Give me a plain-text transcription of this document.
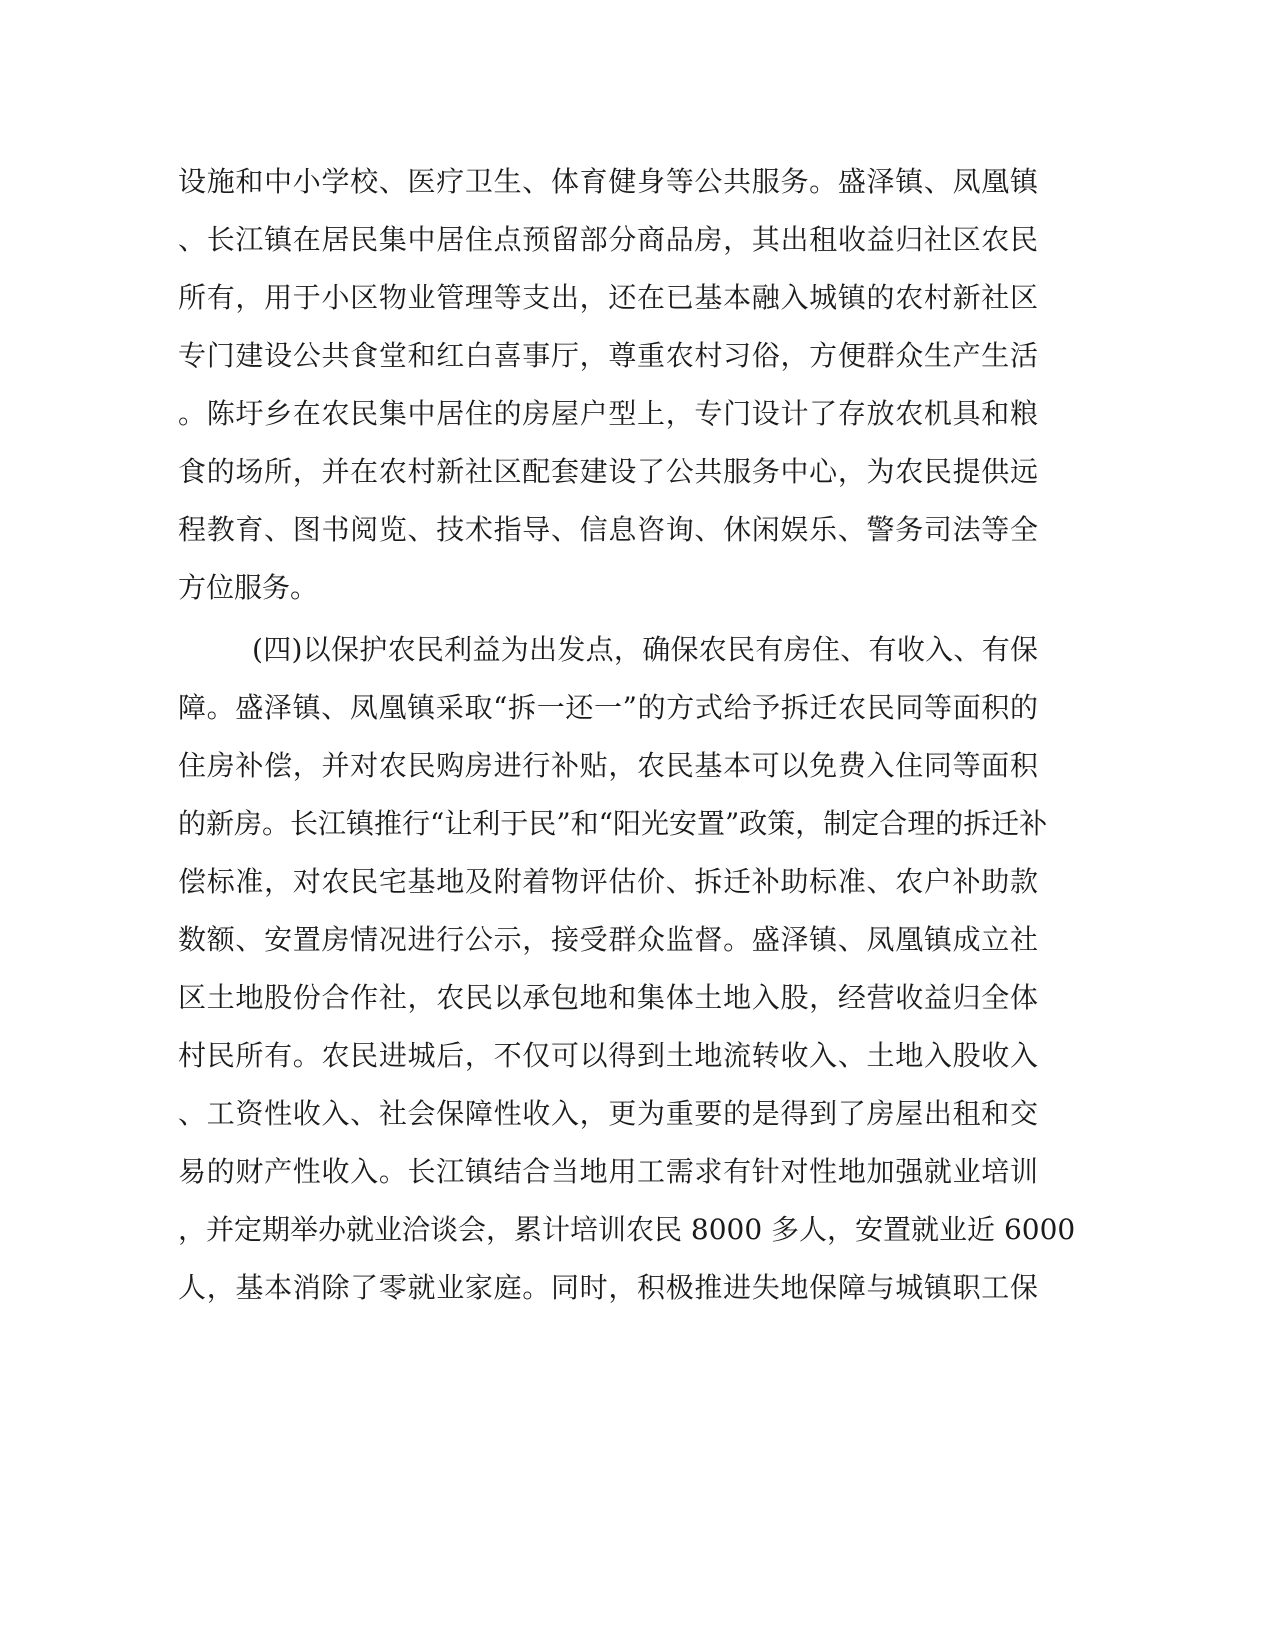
设施和中小学校、医疗卫生、体育健身等公共服务。盛泽镇、凤凰镇
、长江镇在居民集中居住点预留部分商品房，其出租收益归社区农民
所有，用于小区物业管理等支出，还在已基本融入城镇的农村新社区
专门建设公共食堂和红白喜事厅，尊重农村习俗，方便群众生产生活
。陈圩乡在农民集中居住的房屋户型上，专门设计了存放农机具和粮
食的场所，并在农村新社区配套建设了公共服务中心，为农民提供远
程教育、图书阅览、技术指导、信息咨询、休闲娱乐、警务司法等全
方位服务。
(四)以保护农民利益为出发点，确保农民有房住、有收入、有保
障。盛泽镇、凤凰镇采取“拆一还一”的方式给予拆迁农民同等面积的
住房补偿，并对农民购房进行补贴，农民基本可以免费入住同等面积
的新房。长江镇推行“让利于民”和“阳光安置”政策，制定合理的拆迁补
偿标准，对农民宅基地及附着物评估价、拆迁补助标准、农户补助款
数额、安置房情况进行公示，接受群众监督。盛泽镇、凤凰镇成立社
区土地股份合作社，农民以承包地和集体土地入股，经营收益归全体
村民所有。农民进城后，不仅可以得到土地流转收入、土地入股收入
、工资性收入、社会保障性收入，更为重要的是得到了房屋出租和交
易的财产性收入。长江镇结合当地用工需求有针对性地加强就业培训
，并定期举办就业洽谈会，累计培训农民 8000 多人，安置就业近 6000
人，基本消除了零就业家庭。同时，积极推进失地保障与城镇职工保
